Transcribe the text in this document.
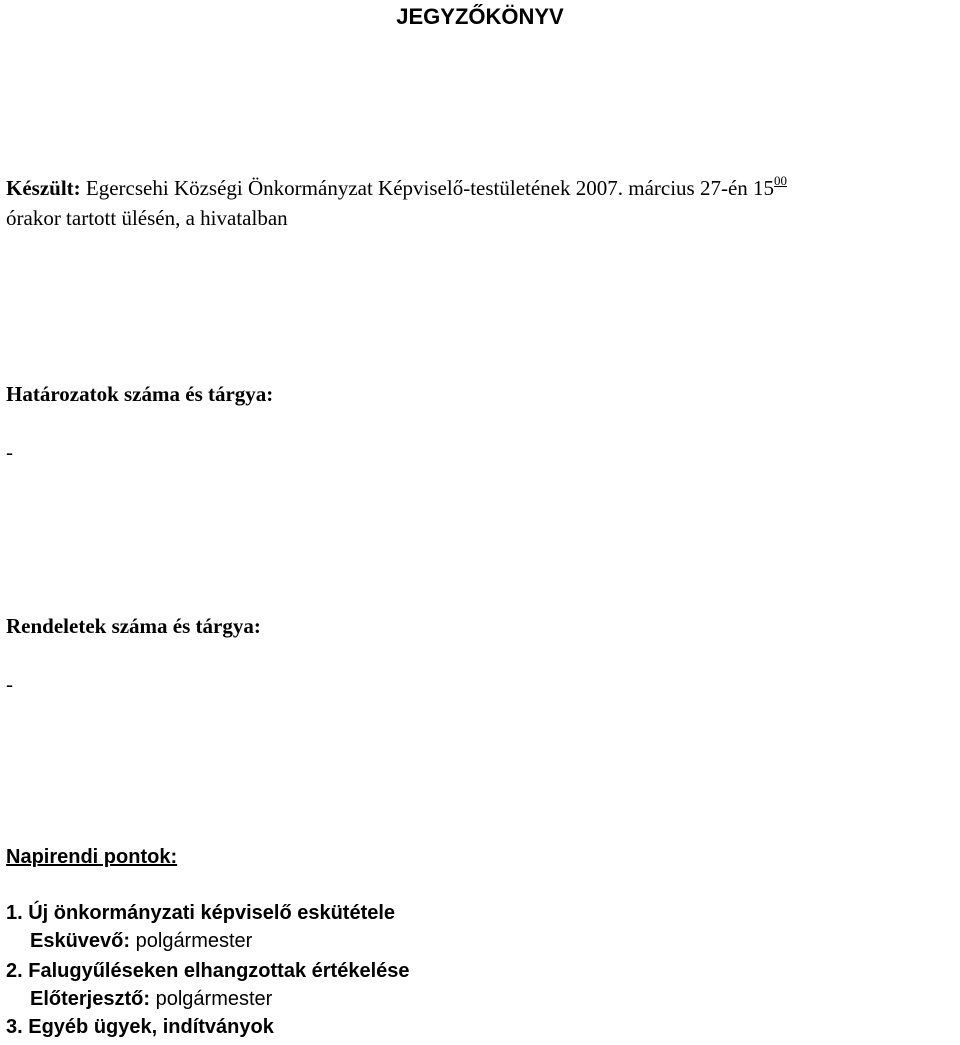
JEGYZŐKÖNYV
Készült: Egercsehi Községi Önkormányzat Képviselő-testületének 2007. március 27-én $15^{00}$
órakor tartott ülésén, a hivatalban
Határozatok száma és tárgya:
-
Rendeletek száma és tárgya:
-
Napirendi pontok:
1. Új önkormányzati képviselő eskütétele
Esküvevő: polgármester
2. Falugyűléseken elhangzottak értékelése
Előterjesztő: polgármester
3. Egyéb ügyek, indítványok
